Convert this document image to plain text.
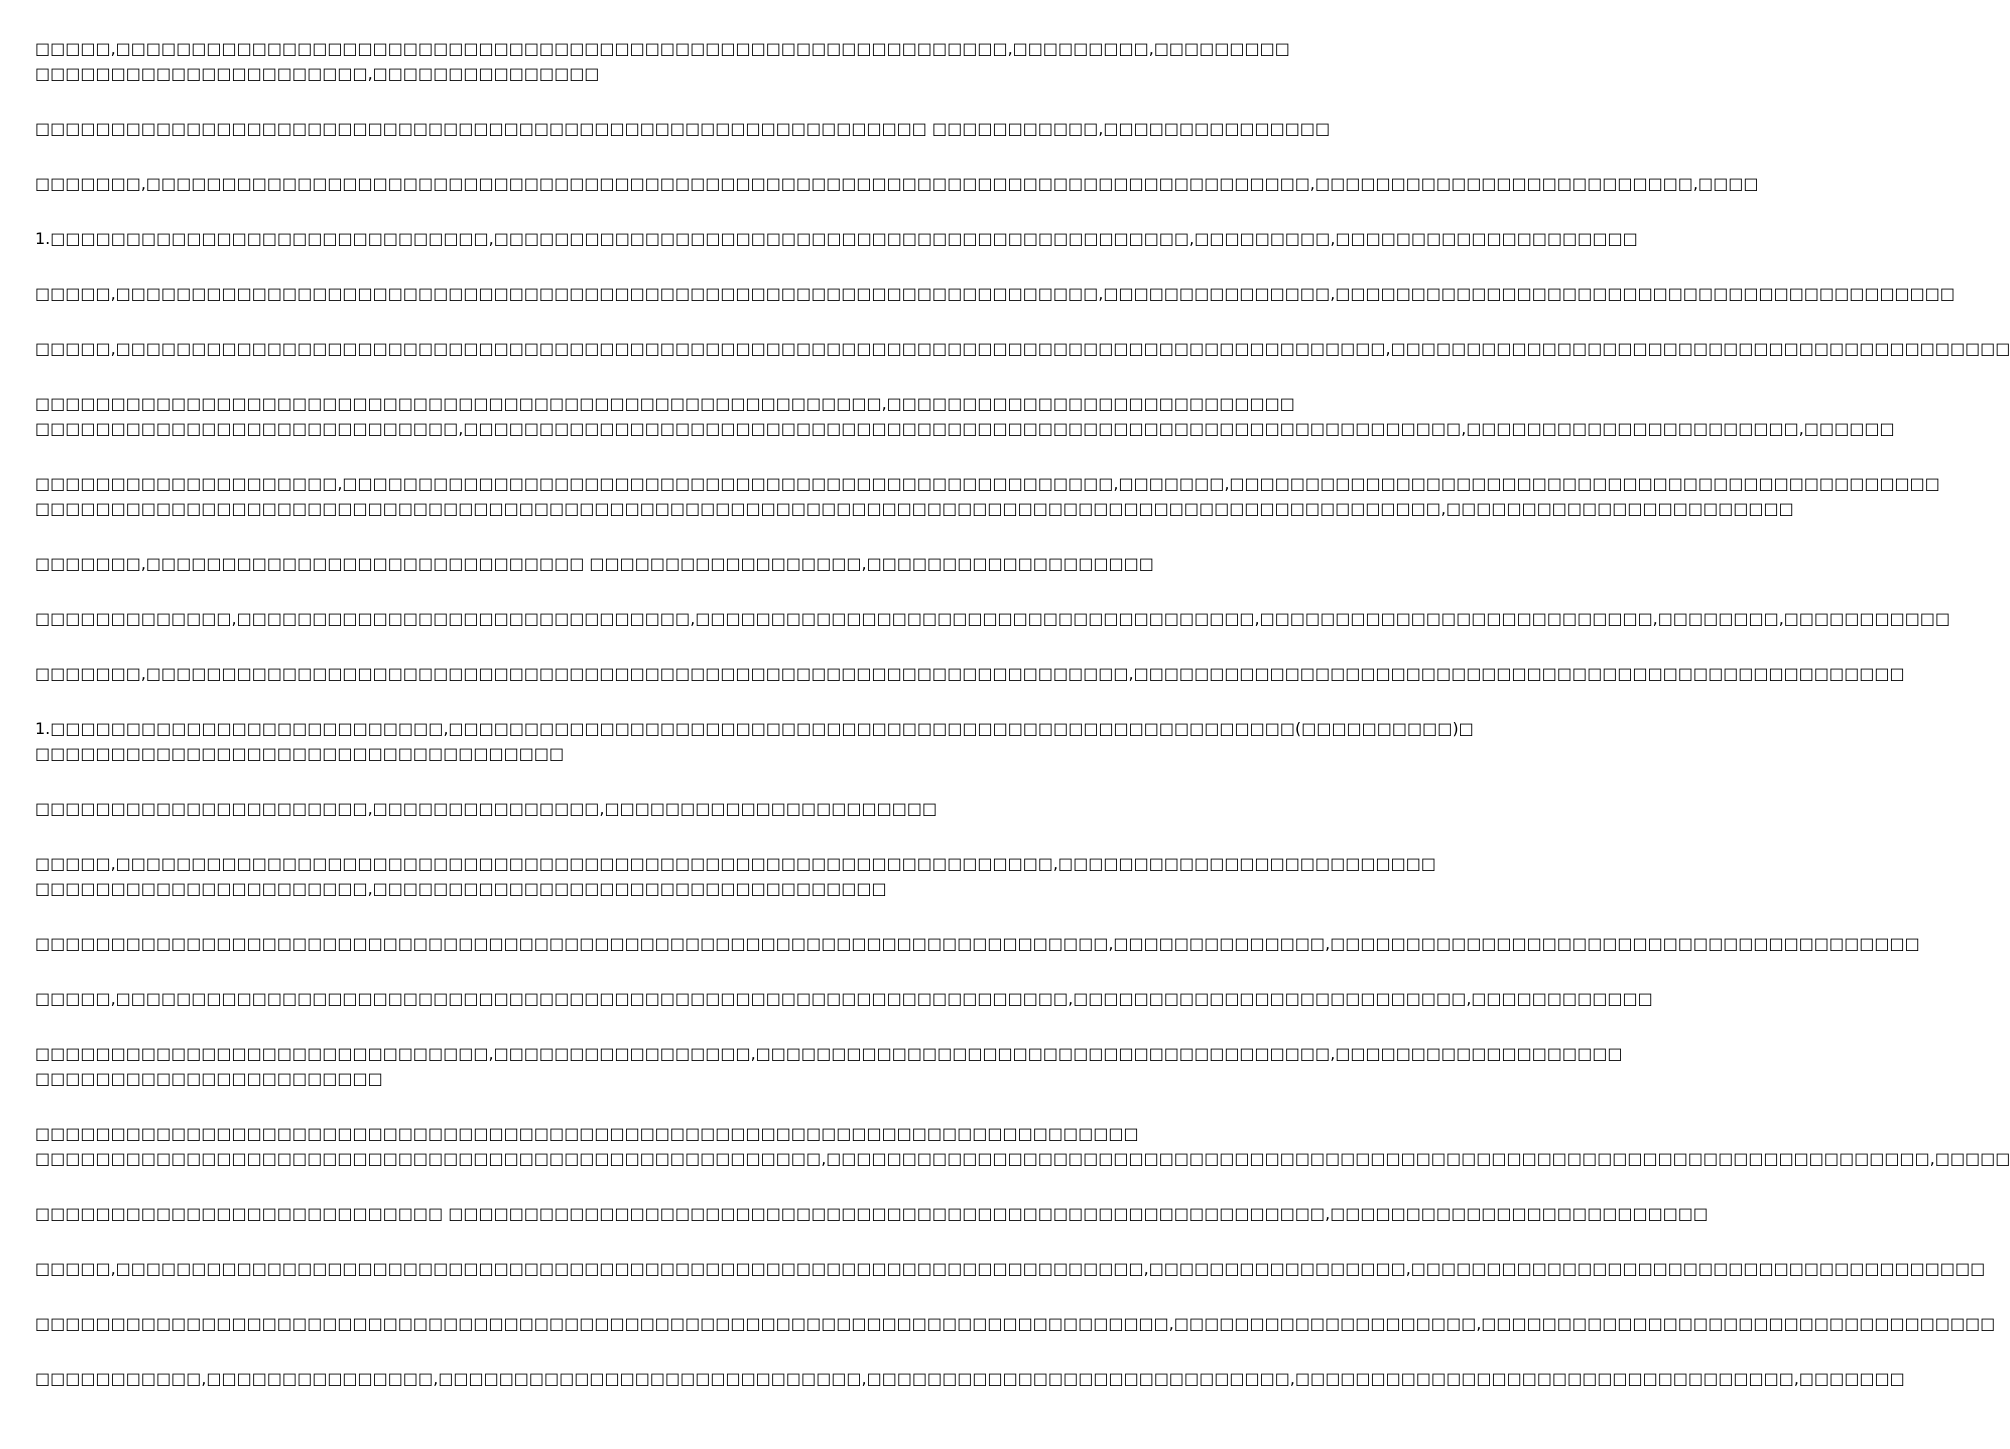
□□□□□,□□□□□□□□□□□□□□□□□□□□□□□□□□□□□□□□□□□□□□□□□□□□□□□□□□□□□□□□□□□,□□□□□□□□□,□□□□□□□□□
□□□□□□□□□□□□□□□□□□□□□□,□□□□□□□□□□□□□□□
□□□□□□□□□□□□□□□□□□□□□□□□□□□□□□□□□□□□□□□□□□□□□□□□□□□□□□□□□□□ □□□□□□□□□□□,□□□□□□□□□□□□□□□
□□□□□□□,□□□□□□□□□□□□□□□□□□□□□□□□□□□□□□□□□□□□□□□□□□□□□□□□□□□□□□□□□□□□□□□□□□□□□□□□□□□□□,□□□□□□□□□□□□□□□□□□□□□□□□□,□□□□
1.□□□□□□□□□□□□□□□□□□□□□□□□□□□□□,□□□□□□□□□□□□□□□□□□□□□□□□□□□□□□□□□□□□□□□□□□□□□□,□□□□□□□□□,□□□□□□□□□□□□□□□□□□□□
□□□□□,□□□□□□□□□□□□□□□□□□□□□□□□□□□□□□□□□□□□□□□□□□□□□□□□□□□□□□□□□□□□□□□□□,□□□□□□□□□□□□□□□,□□□□□□□□□□□□□□□□□□□□□□□□□□□□□□□□□□□□□□□□□
□□□□□,□□□□□□□□□□□□□□□□□□□□□□□□□□□□□□□□□□□□□□□□□□□□□□□□□□□□□□□□□□□□□□□□□□□□□□□□□□□□□□□□□□□□,□□□□□□□□□□□□□□□□□□□□□□□□□□□□□□□□□□□□□□□□□
□□□□□□□□□□□□□□□□□□□□□□□□□□□□□□□□□□□□□□□□□□□□□□□□□□□□□□□□,□□□□□□□□□□□□□□□□□□□□□□□□□□□
□□□□□□□□□□□□□□□□□□□□□□□□□□□□,□□□□□□□□□□□□□□□□□□□□□□□□□□□□□□□□□□□□□□□□□□□□□□□□□□□□□□□□□□□□□□□□□□,□□□□□□□□□□□□□□□□□□□□□□,□□□□□□
□□□□□□□□□□□□□□□□□□□□,□□□□□□□□□□□□□□□□□□□□□□□□□□□□□□□□□□□□□□□□□□□□□□□□□□□,□□□□□□□,□□□□□□□□□□□□□□□□□□□□□□□□□□□□□□□□□□□□□□□□□□□□□□□
□□□□□□□□□□□□□□□□□□□□□□□□□□□□□□□□□□□□□□□□□□□□□□□□□□□□□□□□□□□□□□□□□□□□□□□□□□□□□□□□□□□□□□□□□□□□□,□□□□□□□□□□□□□□□□□□□□□□□
□□□□□□□,□□□□□□□□□□□□□□□□□□□□□□□□□□□□□ □□□□□□□□□□□□□□□□□□,□□□□□□□□□□□□□□□□□□□
□□□□□□□□□□□□□,□□□□□□□□□□□□□□□□□□□□□□□□□□□□□□,□□□□□□□□□□□□□□□□□□□□□□□□□□□□□□□□□□□□□,□□□□□□□□□□□□□□□□□□□□□□□□□□,□□□□□□□□,□□□□□□□□□□□
□□□□□□□,□□□□□□□□□□□□□□□□□□□□□□□□□□□□□□□□□□□□□□□□□□□□□□□□□□□□□□□□□□□□□□□□□,□□□□□□□□□□□□□□□□□□□□□□□□□□□□□□□□□□□□□□□□□□□□□□□□□□□
1.□□□□□□□□□□□□□□□□□□□□□□□□□□,□□□□□□□□□□□□□□□□□□□□□□□□□□□□□□□□□□□□□□□□□□□□□□□□□□□□□□□□(□□□□□□□□□□)□
□□□□□□□□□□□□□□□□□□□□□□□□□□□□□□□□□□□
□□□□□□□□□□□□□□□□□□□□□□,□□□□□□□□□□□□□□□,□□□□□□□□□□□□□□□□□□□□□□
□□□□□,□□□□□□□□□□□□□□□□□□□□□□□□□□□□□□□□□□□□□□□□□□□□□□□□□□□□□□□□□□□□□□,□□□□□□□□□□□□□□□□□□□□□□□□□
□□□□□□□□□□□□□□□□□□□□□□,□□□□□□□□□□□□□□□□□□□□□□□□□□□□□□□□□□
□□□□□□□□□□□□□□□□□□□□□□□□□□□□□□□□□□□□□□□□□□□□□□□□□□□□□□□□□□□□□□□□□□□□□□□,□□□□□□□□□□□□□□,□□□□□□□□□□□□□□□□□□□□□□□□□□□□□□□□□□□□□□□
□□□□□,□□□□□□□□□□□□□□□□□□□□□□□□□□□□□□□□□□□□□□□□□□□□□□□□□□□□□□□□□□□□□□□,□□□□□□□□□□□□□□□□□□□□□□□□□□,□□□□□□□□□□□□
□□□□□□□□□□□□□□□□□□□□□□□□□□□□□□,□□□□□□□□□□□□□□□□□,□□□□□□□□□□□□□□□□□□□□□□□□□□□□□□□□□□□□□□,□□□□□□□□□□□□□□□□□□□
□□□□□□□□□□□□□□□□□□□□□□□
□□□□□□□□□□□□□□□□□□□□□□□□□□□□□□□□□□□□□□□□□□□□□□□□□□□□□□□□□□□□□□□□□□□□□□□□□
□□□□□□□□□□□□□□□□□□□□□□□□□□□□□□□□□□□□□□□□□□□□□□□□□□□□,□□□□□□□□□□□□□□□□□□□□□□□□□□□□□□□□□□□□□□□□□□□□□□□□□□□□□□□□□□□□□□□□□□□□□□□□□,□□□□□
□□□□□□□□□□□□□□□□□□□□□□□□□□□ □□□□□□□□□□□□□□□□□□□□□□□□□□□□□□□□□□□□□□□□□□□□□□□□□□□□□□□□□□,□□□□□□□□□□□□□□□□□□□□□□□□□
□□□□□,□□□□□□□□□□□□□□□□□□□□□□□□□□□□□□□□□□□□□□□□□□□□□□□□□□□□□□□□□□□□□□□□□□□□,□□□□□□□□□□□□□□□□□,□□□□□□□□□□□□□□□□□□□□□□□□□□□□□□□□□□□□□□
□□□□□□□□□□□□□□□□□□□□□□□□□□□□□□□□□□□□□□□□□□□□□□□□□□□□□□□□□□□□□□□□□□□□□□□□□□□,□□□□□□□□□□□□□□□□□□□□,□□□□□□□□□□□□□□□□□□□□□□□□□□□□□□□□□□
□□□□□□□□□□□,□□□□□□□□□□□□□□□,□□□□□□□□□□□□□□□□□□□□□□□□□□□□,□□□□□□□□□□□□□□□□□□□□□□□□□□□□,□□□□□□□□□□□□□□□□□□□□□□□□□□□□□□□□□,□□□□□□□
